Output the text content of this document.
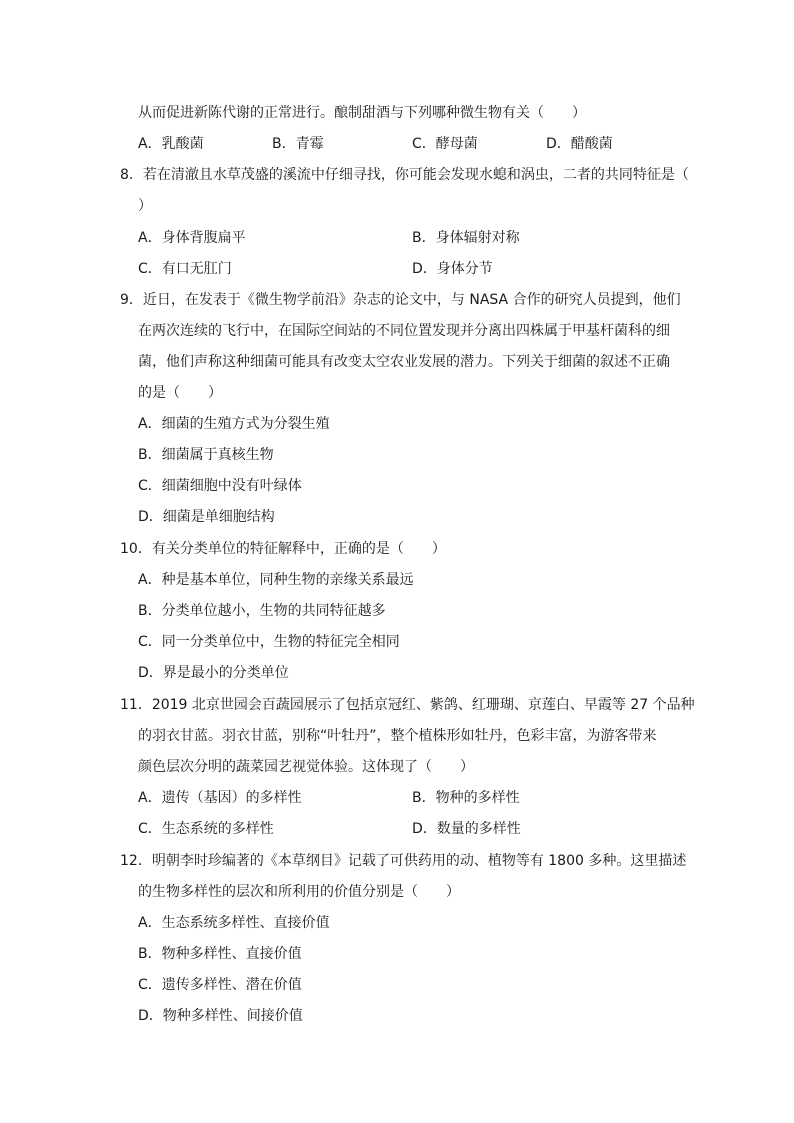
从而促进新陈代谢的正常进行。酿制甜酒与下列哪种微生物有关（　　）
A．乳酸菌	B．青霉	C．酵母菌	D．醋酸菌
8．若在清澈且水草茂盛的溪流中仔细寻找，你可能会发现水螅和涡虫，二者的共同特征是（
）
A．身体背腹扁平	B．身体辐射对称
C．有口无肛门	D．身体分节
9．近日，在发表于《微生物学前沿》杂志的论文中，与 NASA 合作的研究人员提到，他们
在两次连续的飞行中，在国际空间站的不同位置发现并分离出四株属于甲基杆菌科的细
菌，他们声称这种细菌可能具有改变太空农业发展的潜力。下列关于细菌的叙述不正确
的是（　　）
A．细菌的生殖方式为分裂生殖
B．细菌属于真核生物
C．细菌细胞中没有叶绿体
D．细菌是单细胞结构
10．有关分类单位的特征解释中，正确的是（　　）
A．种是基本单位，同种生物的亲缘关系最远
B．分类单位越小，生物的共同特征越多
C．同一分类单位中，生物的特征完全相同
D．界是最小的分类单位
11．2019 北京世园会百蔬园展示了包括京冠红、紫鸽、红珊瑚、京莲白、早霞等 27 个品种
的羽衣甘蓝。羽衣甘蓝，别称“叶牡丹”，整个植株形如牡丹，色彩丰富，为游客带来
颜色层次分明的蔬菜园艺视觉体验。这体现了（　　）
A．遗传（基因）的多样性	B．物种的多样性
C．生态系统的多样性	D．数量的多样性
12．明朝李时珍编著的《本草纲目》记载了可供药用的动、植物等有 1800 多种。这里描述
的生物多样性的层次和所利用的价值分别是（　　）
A．生态系统多样性、直接价值
B．物种多样性、直接价值
C．遗传多样性、潜在价值
D．物种多样性、间接价值
